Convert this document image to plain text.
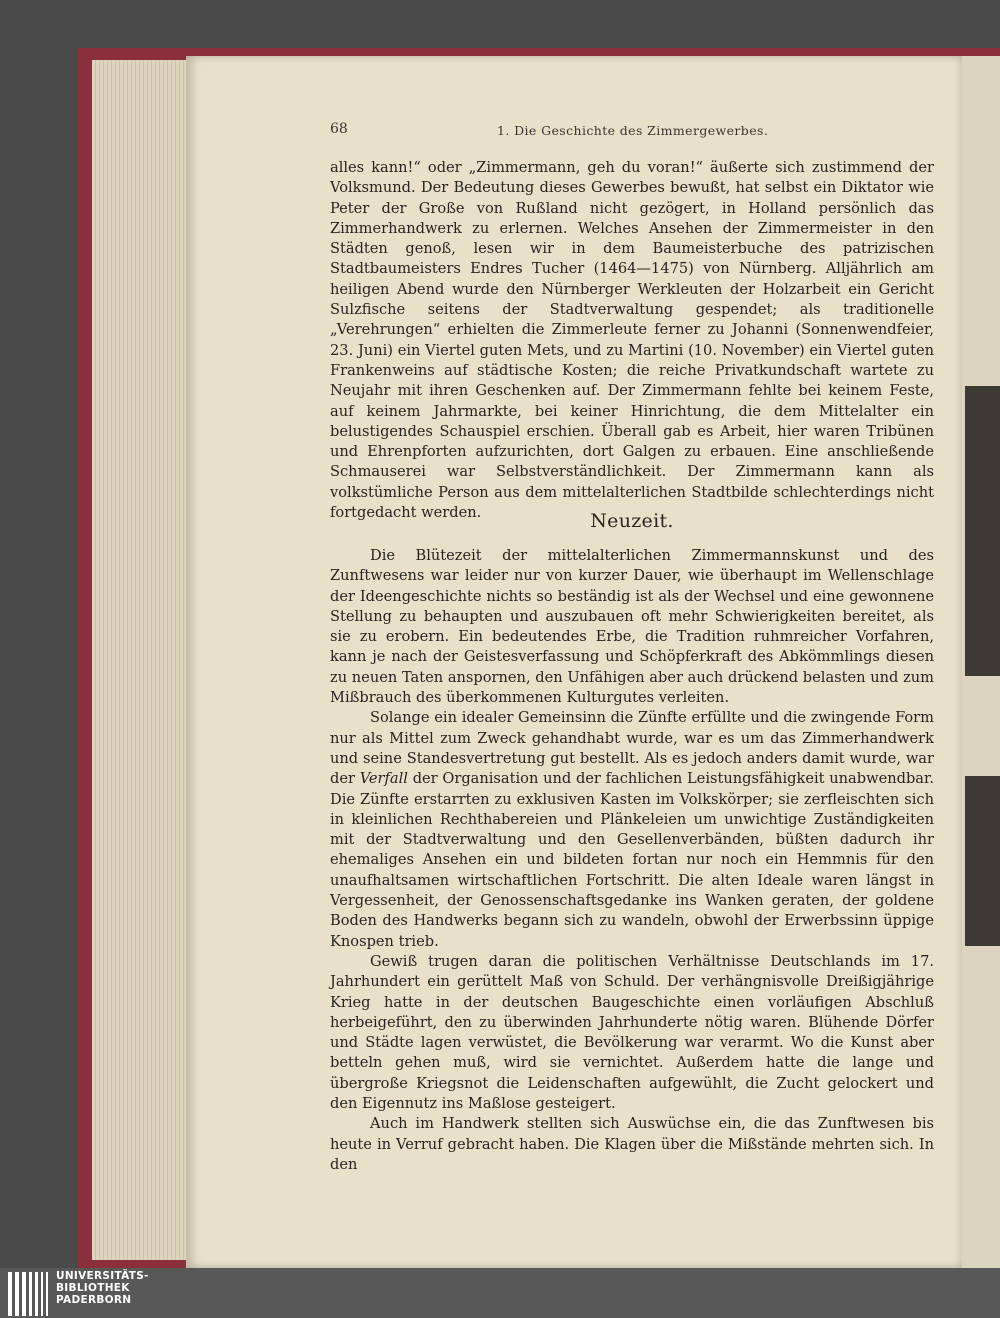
68	1. Die Geschichte des Zimmergewerbes.

alles kann!“ oder „Zimmermann, geh du voran!“ äußerte sich zustimmend der Volksmund. Der Bedeutung dieses Gewerbes bewußt, hat selbst ein Diktator wie Peter der Große von Rußland nicht gezögert, in Holland persönlich das Zimmerhandwerk zu erlernen. Welches Ansehen der Zimmermeister in den Städten genoß, lesen wir in dem Baumeisterbuche des patrizischen Stadtbaumeisters Endres Tucher (1464—1475) von Nürnberg. Alljährlich am heiligen Abend wurde den Nürnberger Werkleuten der Holzarbeit ein Gericht Sulzfische seitens der Stadtverwaltung gespendet; als traditionelle „Verehrungen“ erhielten die Zimmerleute ferner zu Johanni (Sonnenwendfeier, 23. Juni) ein Viertel guten Mets, und zu Martini (10. November) ein Viertel guten Frankenweins auf städtische Kosten; die reiche Privatkundschaft wartete zu Neujahr mit ihren Geschenken auf. Der Zimmermann fehlte bei keinem Feste, auf keinem Jahrmarkte, bei keiner Hinrichtung, die dem Mittelalter ein belustigendes Schauspiel erschien. Überall gab es Arbeit, hier waren Tribünen und Ehrenpforten aufzurichten, dort Galgen zu erbauen. Eine anschließende Schmauserei war Selbstverständlichkeit. Der Zimmermann kann als volkstümliche Person aus dem mittelalterlichen Stadtbilde schlechterdings nicht fortgedacht werden.	Neuzeit.

Die Blütezeit der mittelalterlichen Zimmermannskunst und des Zunftwesens war leider nur von kurzer Dauer, wie überhaupt im Wellenschlage der Ideengeschichte nichts so beständig ist als der Wechsel und eine gewonnene Stellung zu behaupten und auszubauen oft mehr Schwierigkeiten bereitet, als sie zu erobern. Ein bedeutendes Erbe, die Tradition ruhmreicher Vorfahren, kann je nach der Geistesverfassung und Schöpferkraft des Abkömmlings diesen zu neuen Taten anspornen, den Unfähigen aber auch drückend belasten und zum Mißbrauch des überkommenen Kulturgutes verleiten.

Solange ein idealer Gemeinsinn die Zünfte erfüllte und die zwingende Form nur als Mittel zum Zweck gehandhabt wurde, war es um das Zimmerhandwerk und seine Standesvertretung gut bestellt. Als es jedoch anders damit wurde, war der Verfall der Organisation und der fachlichen Leistungsfähigkeit unabwendbar. Die Zünfte erstarrten zu exklusiven Kasten im Volkskörper; sie zerfleischten sich in kleinlichen Rechthabereien und Plänkeleien um unwichtige Zuständigkeiten mit der Stadtverwaltung und den Gesellenverbänden, büßten dadurch ihr ehemaliges Ansehen ein und bildeten fortan nur noch ein Hemmnis für den unaufhaltsamen wirtschaftlichen Fortschritt. Die alten Ideale waren längst in Vergessenheit, der Genossenschaftsgedanke ins Wanken geraten, der goldene Boden des Handwerks begann sich zu wandeln, obwohl der Erwerbssinn üppige Knospen trieb.

Gewiß trugen daran die politischen Verhältnisse Deutschlands im 17. Jahrhundert ein gerüttelt Maß von Schuld. Der verhängnisvolle Dreißigjährige Krieg hatte in der deutschen Baugeschichte einen vorläufigen Abschluß herbeigeführt, den zu überwinden Jahrhunderte nötig waren. Blühende Dörfer und Städte lagen verwüstet, die Bevölkerung war verarmt. Wo die Kunst aber betteln gehen muß, wird sie vernichtet. Außerdem hatte die lange und übergroße Kriegsnot die Leidenschaften aufgewühlt, die Zucht gelockert und den Eigennutz ins Maßlose gesteigert.

Auch im Handwerk stellten sich Auswüchse ein, die das Zunftwesen bis heute in Verruf gebracht haben. Die Klagen über die Mißstände mehrten sich. In den

UNIVERSITÄTS-
BIBLIOTHEK
PADERBORN
